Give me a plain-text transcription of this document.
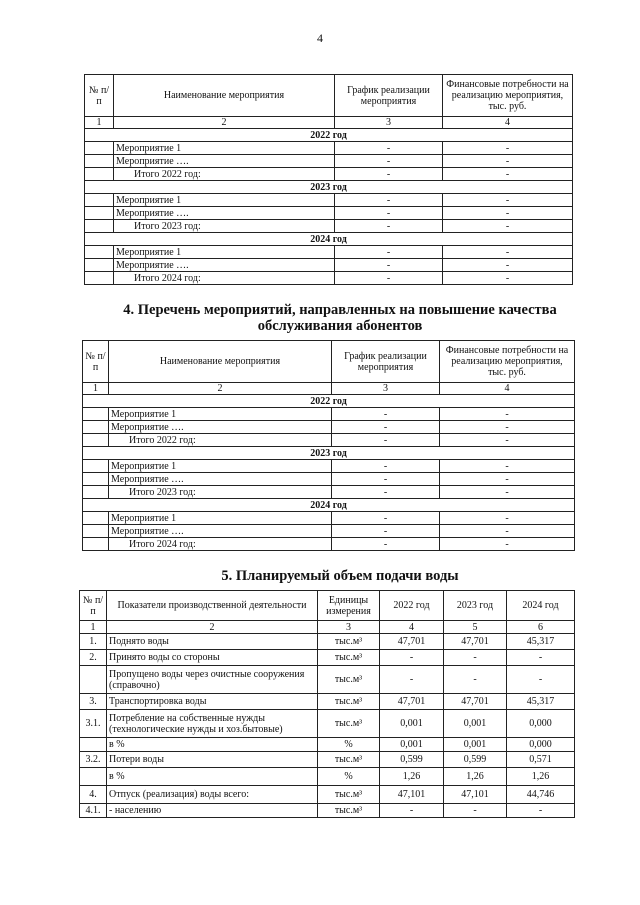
4
№ п/п	Наименование мероприятия	График реализации мероприятия	Финансовые потребности на реализацию мероприятия, тыс. руб.
1	2	3	4
2022 год			
	Мероприятие 1	-	-
	Мероприятие ….	-	-
	Итого 2022 год:	-	-
2023 год			
	Мероприятие 1	-	-
	Мероприятие ….	-	-
	Итого 2023 год:	-	-
2024 год			
	Мероприятие 1	-	-
	Мероприятие ….	-	-
	Итого 2024 год:	-	-
4. Перечень мероприятий, направленных на повышение качества
обслуживания абонентов
№ п/п	Наименование мероприятия	График реализации мероприятия	Финансовые потребности на реализацию мероприятия, тыс. руб.
1	2	3	4
2022 год			
	Мероприятие 1	-	-
	Мероприятие ….	-	-
	Итого 2022 год:	-	-
2023 год			
	Мероприятие 1	-	-
	Мероприятие ….	-	-
	Итого 2023 год:	-	-
2024 год			
	Мероприятие 1	-	-
	Мероприятие ….	-	-
	Итого 2024 год:	-	-
5. Планируемый объем подачи воды
№ п/п	Показатели производственной деятельности	Единицы измерения	2022 год	2023 год	2024 год
1	2	3	4	5	6
1.	Поднято воды	тыс.м³	47,701	47,701	45,317
2.	Принято воды со стороны	тыс.м³	-	-	-
	Пропущено воды через очистные сооружения (справочно)	тыс.м³	-	-	-
3.	Транспортировка воды	тыс.м³	47,701	47,701	45,317
3.1.	Потребление на собственные нужды (технологические нужды и хоз.бытовые)	тыс.м³	0,001	0,001	0,000
	в %	%	0,001	0,001	0,000
3.2.	Потери воды	тыс.м³	0,599	0,599	0,571
	в %	%	1,26	1,26	1,26
4.	Отпуск (реализация) воды всего:	тыс.м³	47,101	47,101	44,746
4.1.	- населению	тыс.м³	-	-	-
